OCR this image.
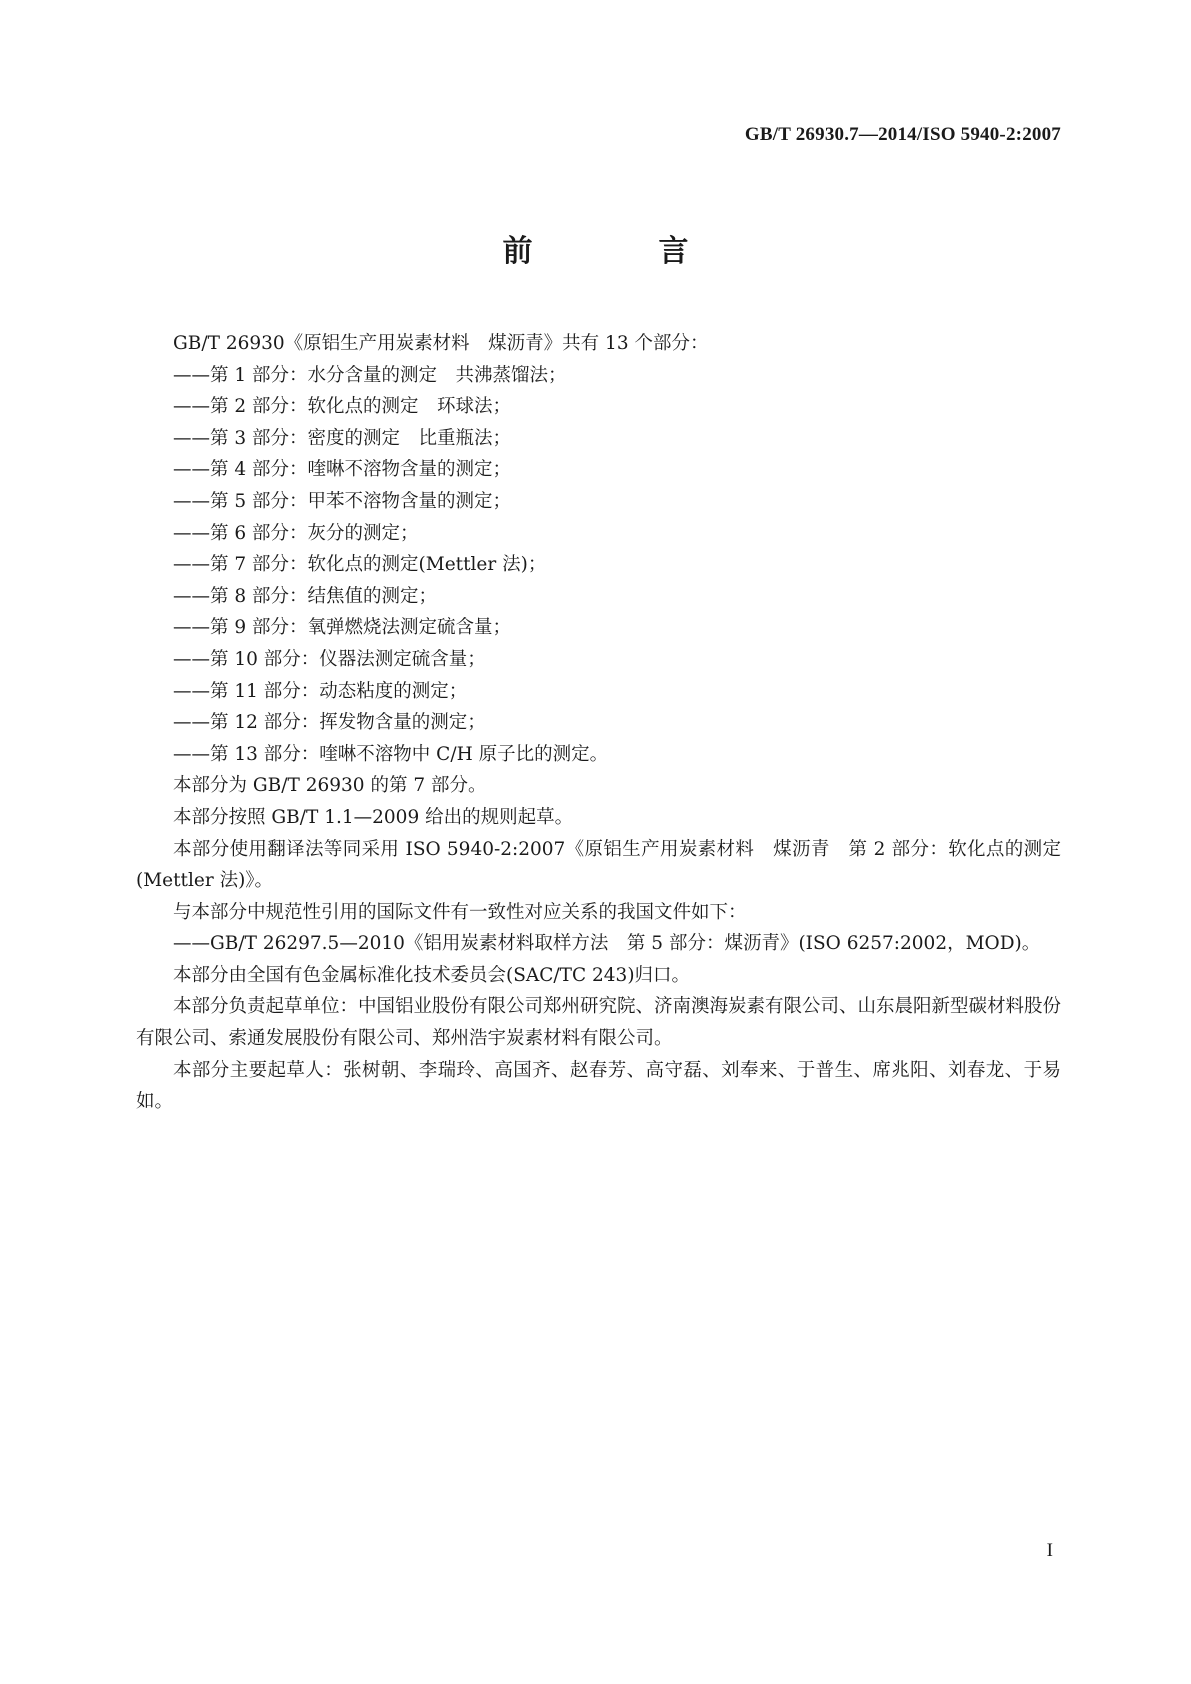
GB/T 26930.7—2014/ISO 5940-2:2007
前　言

GB/T 26930《原铝生产用炭素材料　煤沥青》共有 13 个部分：

——第 1 部分：水分含量的测定　共沸蒸馏法；

——第 2 部分：软化点的测定　环球法；

——第 3 部分：密度的测定　比重瓶法；

——第 4 部分：喹啉不溶物含量的测定；

——第 5 部分：甲苯不溶物含量的测定；

——第 6 部分：灰分的测定；

——第 7 部分：软化点的测定(Mettler 法)；

——第 8 部分：结焦值的测定；

——第 9 部分：氧弹燃烧法测定硫含量；

——第 10 部分：仪器法测定硫含量；

——第 11 部分：动态粘度的测定；

——第 12 部分：挥发物含量的测定；

——第 13 部分：喹啉不溶物中 C/H 原子比的测定。

本部分为 GB/T 26930 的第 7 部分。

本部分按照 GB/T 1.1—2009 给出的规则起草。

本部分使用翻译法等同采用 ISO 5940-2:2007《原铝生产用炭素材料　煤沥青　第 2 部分：软化点的测定(Mettler 法)》。

与本部分中规范性引用的国际文件有一致性对应关系的我国文件如下：

——GB/T 26297.5—2010《铝用炭素材料取样方法　第 5 部分：煤沥青》(ISO 6257:2002，MOD)。

本部分由全国有色金属标准化技术委员会(SAC/TC 243)归口。

本部分负责起草单位：中国铝业股份有限公司郑州研究院、济南澳海炭素有限公司、山东晨阳新型碳材料股份有限公司、索通发展股份有限公司、郑州浩宇炭素材料有限公司。

本部分主要起草人：张树朝、李瑞玲、高国齐、赵春芳、高守磊、刘奉来、于普生、席兆阳、刘春龙、于易如。

I
